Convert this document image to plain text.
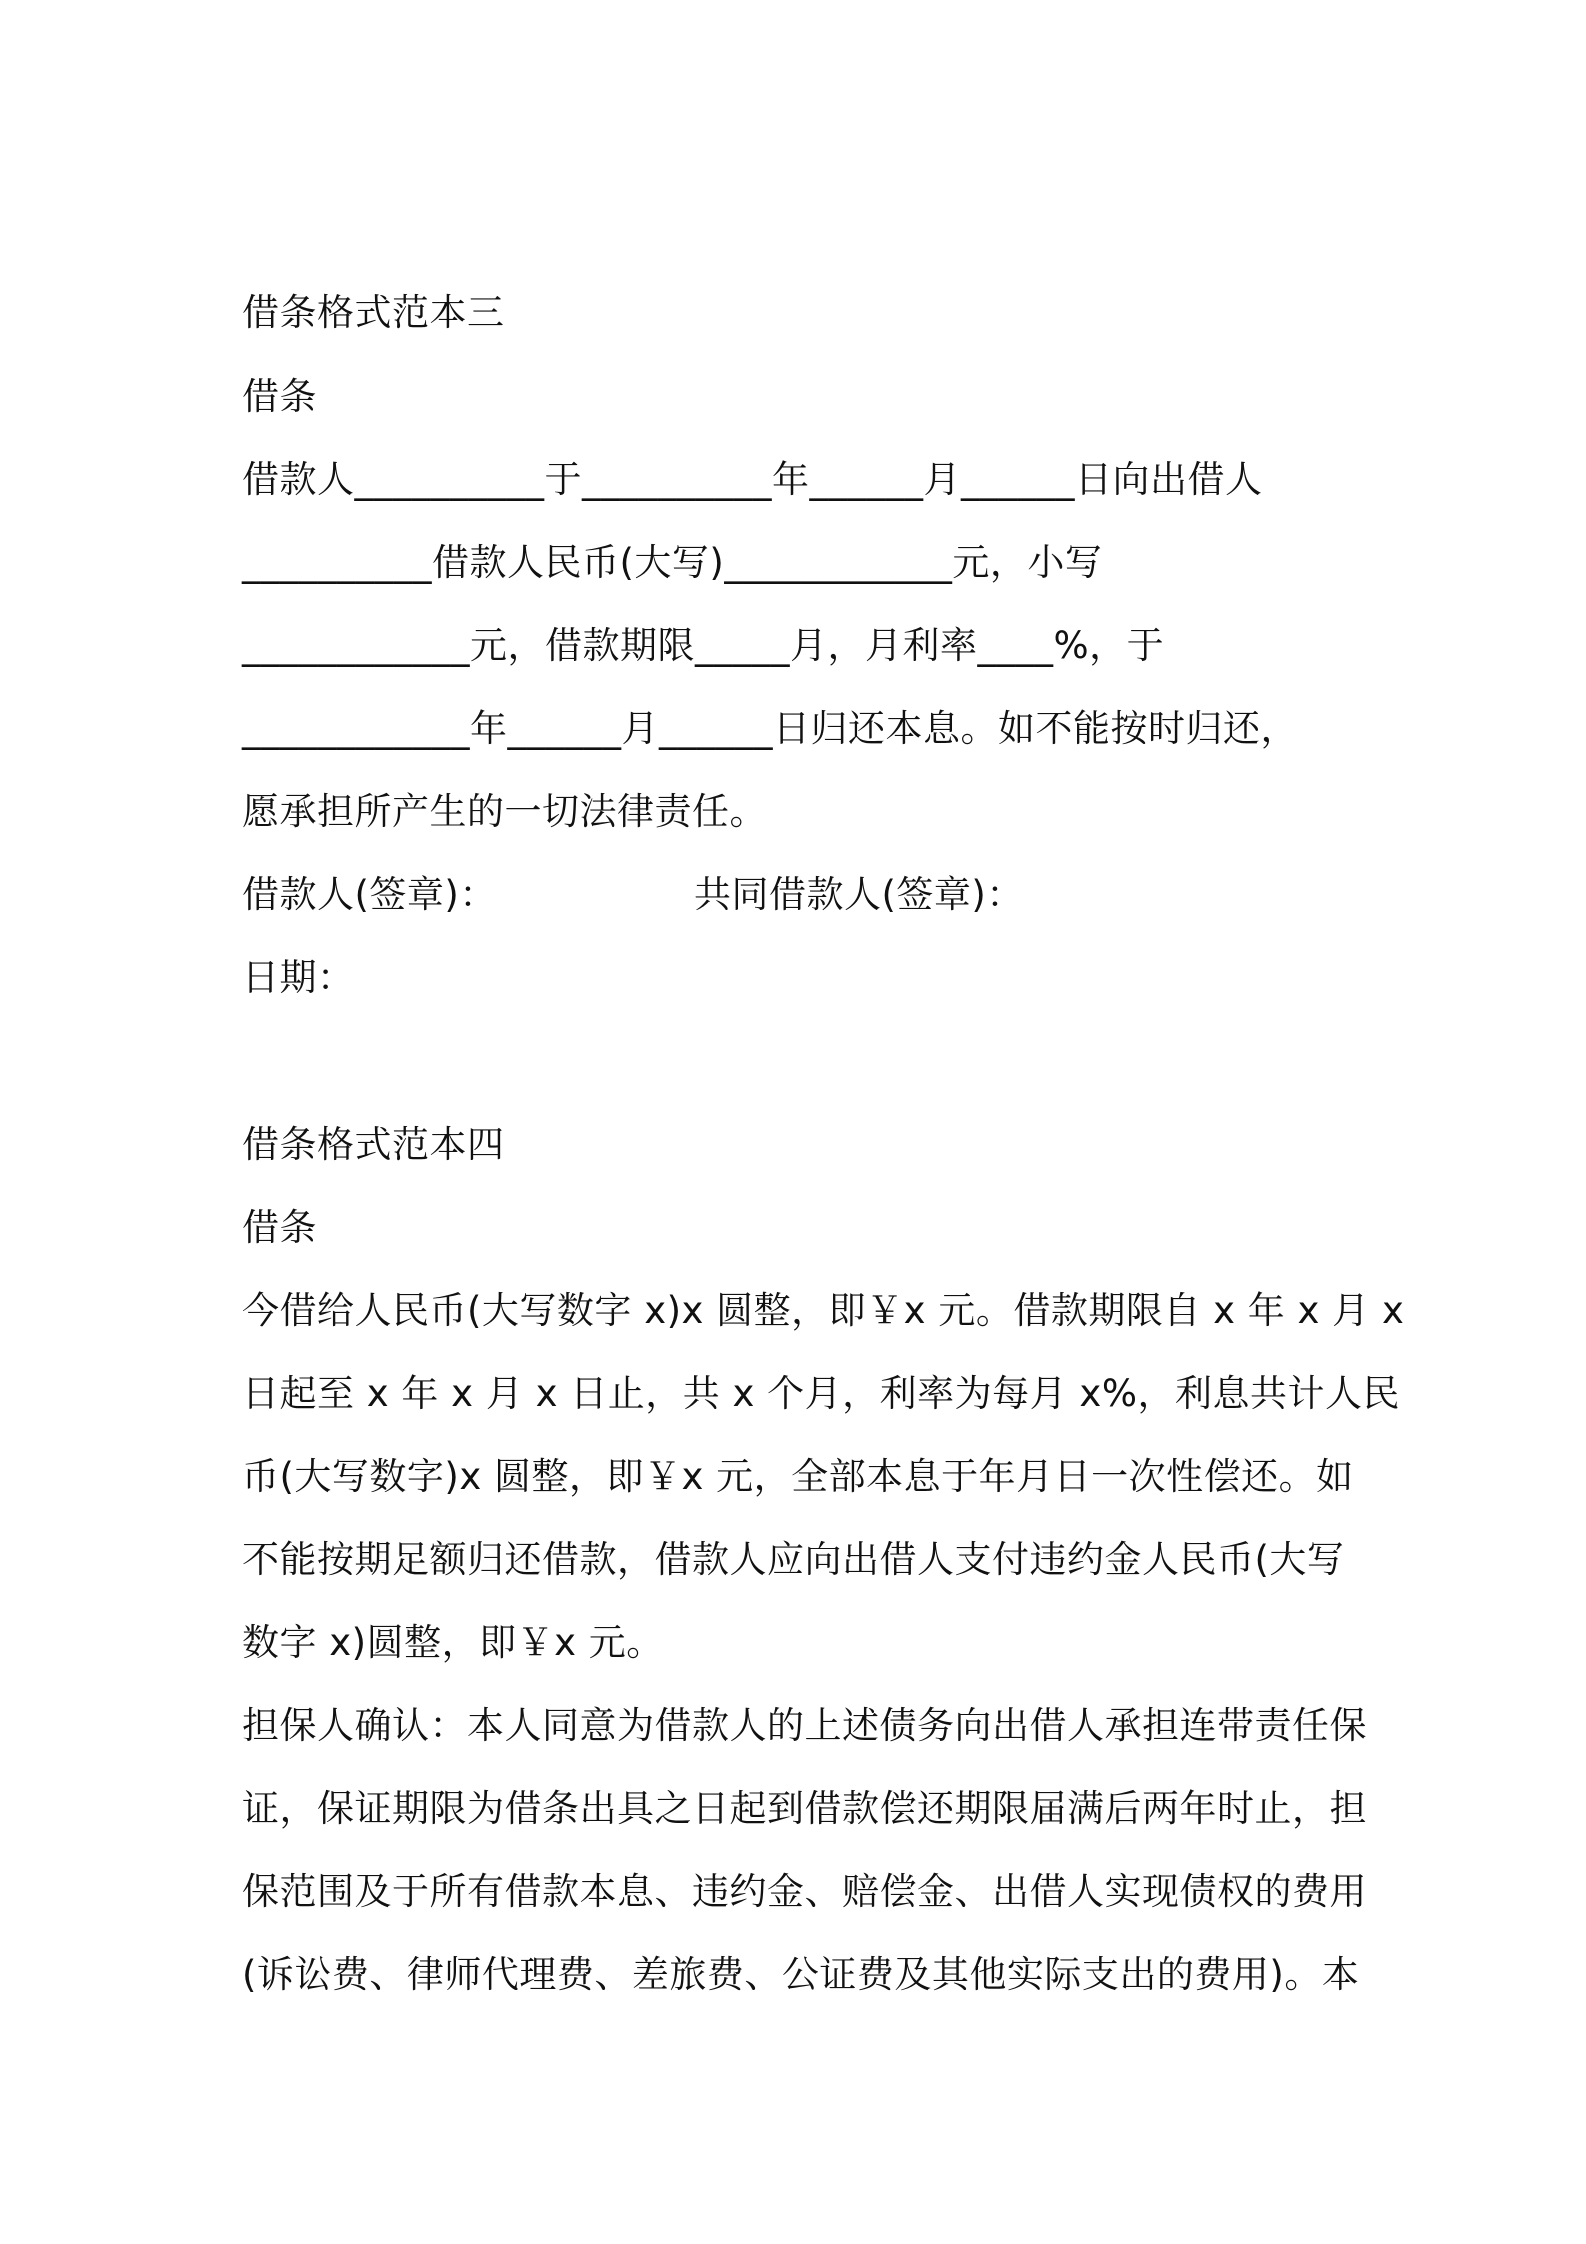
借条格式范本三
借条
借款人__________于__________年______月______日向出借人
__________借款人民币(大写)____________元，小写
____________元，借款期限_____月，月利率____%，于
____________年______月______日归还本息。如不能按时归还，
愿承担所产生的一切法律责任。
借款人(签章)：	共同借款人(签章)：
日期：
借条格式范本四
借条
今借给人民币(大写数字 x)x 圆整，即￥x 元。借款期限自 x 年 x 月 x
日起至 x 年 x 月 x 日止，共 x 个月，利率为每月 x%，利息共计人民
币(大写数字)x 圆整，即￥x 元，全部本息于年月日一次性偿还。如
不能按期足额归还借款，借款人应向出借人支付违约金人民币(大写
数字 x)圆整，即￥x 元。
担保人确认：本人同意为借款人的上述债务向出借人承担连带责任保
证，保证期限为借条出具之日起到借款偿还期限届满后两年时止，担
保范围及于所有借款本息、违约金、赔偿金、出借人实现债权的费用
(诉讼费、律师代理费、差旅费、公证费及其他实际支出的费用)。本
